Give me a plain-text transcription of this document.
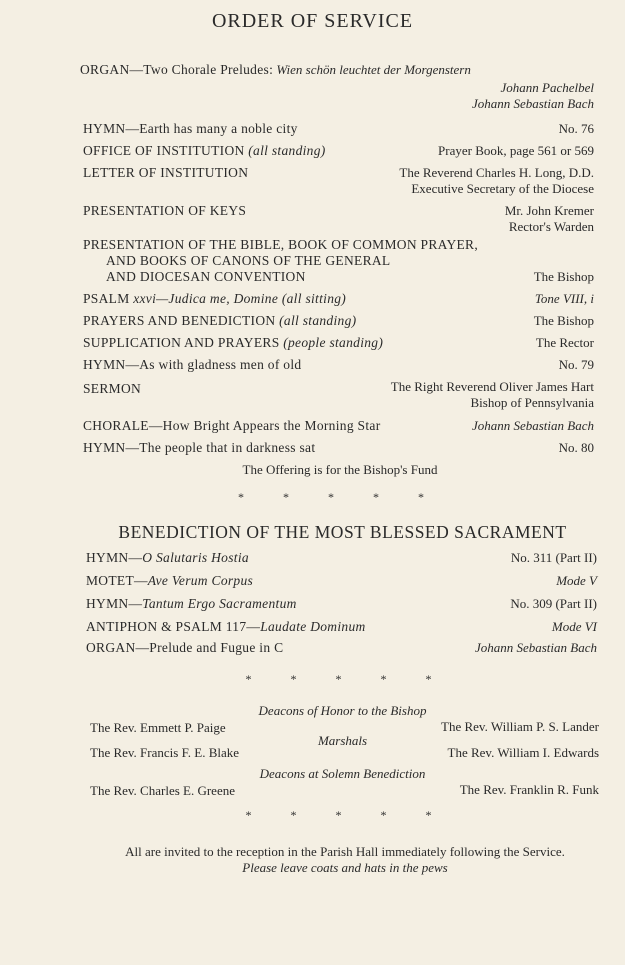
ORDER OF SERVICE
ORGAN—Two Chorale Preludes: Wien schön leuchtet der Morgenstern
Johann Pachelbel
Johann Sebastian Bach
HYMN—Earth has many a noble city	No. 76
OFFICE OF INSTITUTION (all standing)	Prayer Book, page 561 or 569
LETTER OF INSTITUTION	The Reverend Charles H. Long, D.D.
Executive Secretary of the Diocese
PRESENTATION OF KEYS	Mr. John Kremer
Rector's Warden
PRESENTATION OF THE BIBLE, BOOK OF COMMON PRAYER,
AND BOOKS OF CANONS OF THE GENERAL
AND DIOCESAN CONVENTION	The Bishop
PSALM xxvi—Judica me, Domine (all sitting)	Tone VIII, i
PRAYERS AND BENEDICTION (all standing)	The Bishop
SUPPLICATION AND PRAYERS (people standing)	The Rector
HYMN—As with gladness men of old	No. 79
SERMON	The Right Reverend Oliver James Hart
Bishop of Pennsylvania
CHORALE—How Bright Appears the Morning Star	Johann Sebastian Bach
HYMN—The people that in darkness sat	No. 80
The Offering is for the Bishop's Fund
* * * * *
BENEDICTION OF THE MOST BLESSED SACRAMENT
HYMN—O Salutaris Hostia	No. 311 (Part II)
MOTET—Ave Verum Corpus	Mode V
HYMN—Tantum Ergo Sacramentum	No. 309 (Part II)
ANTIPHON & PSALM 117—Laudate Dominum	Mode VI
ORGAN—Prelude and Fugue in C	Johann Sebastian Bach
* * * * *
Deacons of Honor to the Bishop
The Rev. Emmett P. Paige	The Rev. William P. S. Lander
Marshals
The Rev. Francis F. E. Blake	The Rev. William I. Edwards
Deacons at Solemn Benediction
The Rev. Charles E. Greene	The Rev. Franklin R. Funk
* * * * *
All are invited to the reception in the Parish Hall immediately following the Service.
Please leave coats and hats in the pews
